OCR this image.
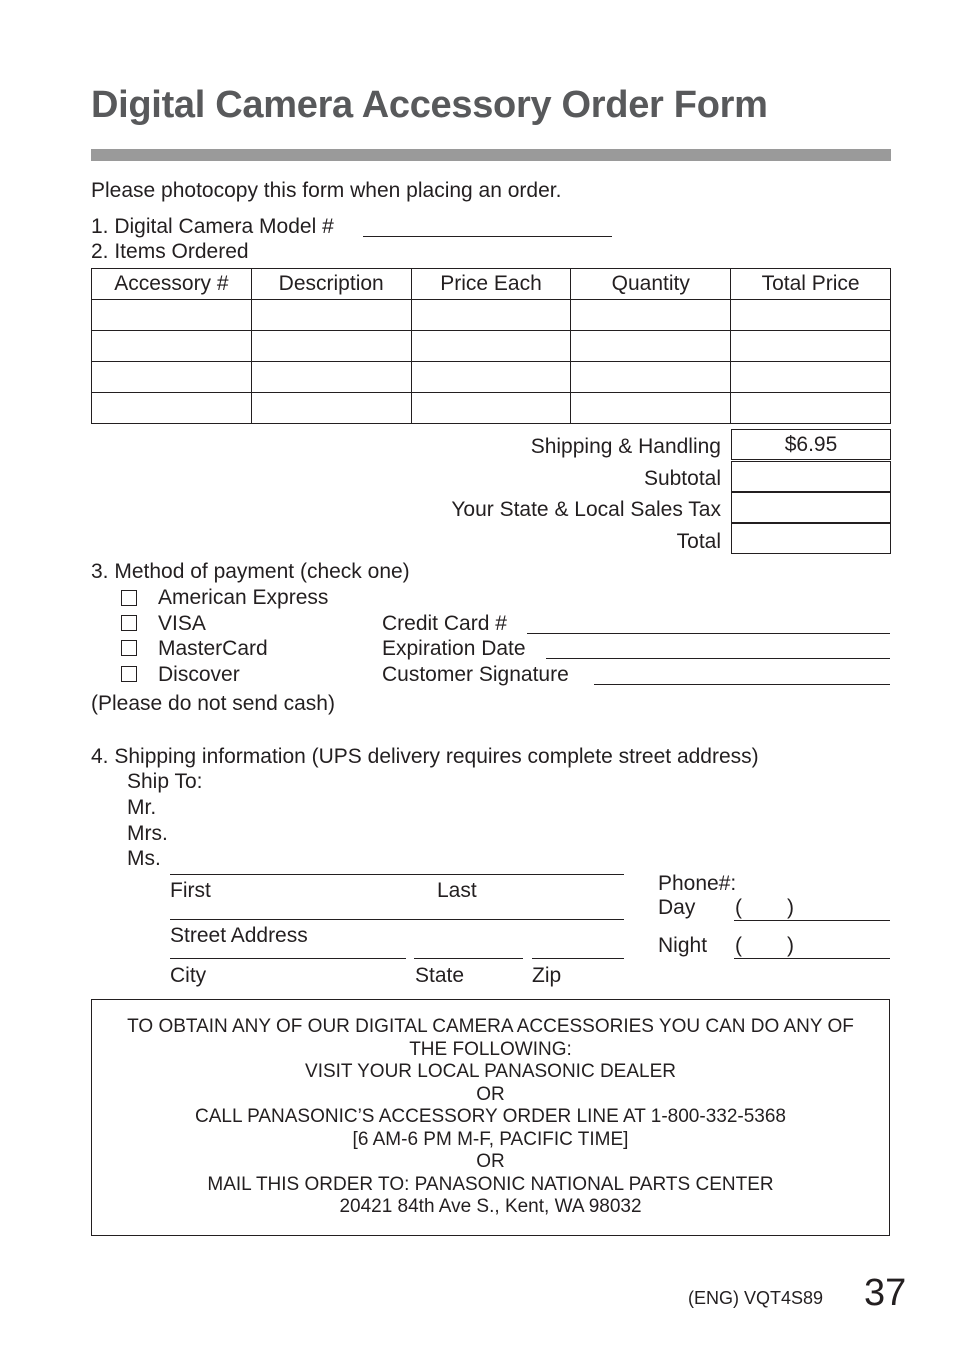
Digital Camera Accessory Order Form
Please photocopy this form when placing an order.
1. Digital Camera Model #
2. Items Ordered
Accessory #	Description	Price Each	Quantity	Total Price

Shipping & Handling	$6.95
Subtotal
Your State & Local Sales Tax
Total
3. Method of payment (check one)
American Express
VISA	Credit Card #
MasterCard	Expiration Date
Discover	Customer Signature
(Please do not send cash)
4. Shipping information (UPS delivery requires complete street address)
Ship To:
Mr.
Mrs.
Ms.
First	Last
Street Address
City	State	Zip
Phone#:
Day ( )
Night ( )
TO OBTAIN ANY OF OUR DIGITAL CAMERA ACCESSORIES YOU CAN DO ANY OF
THE FOLLOWING:
VISIT YOUR LOCAL PANASONIC DEALER
OR
CALL PANASONIC’S ACCESSORY ORDER LINE AT 1-800-332-5368
[6 AM-6 PM M-F, PACIFIC TIME]
OR
MAIL THIS ORDER TO: PANASONIC NATIONAL PARTS CENTER
20421 84th Ave S., Kent, WA 98032
(ENG) VQT4S89 37
